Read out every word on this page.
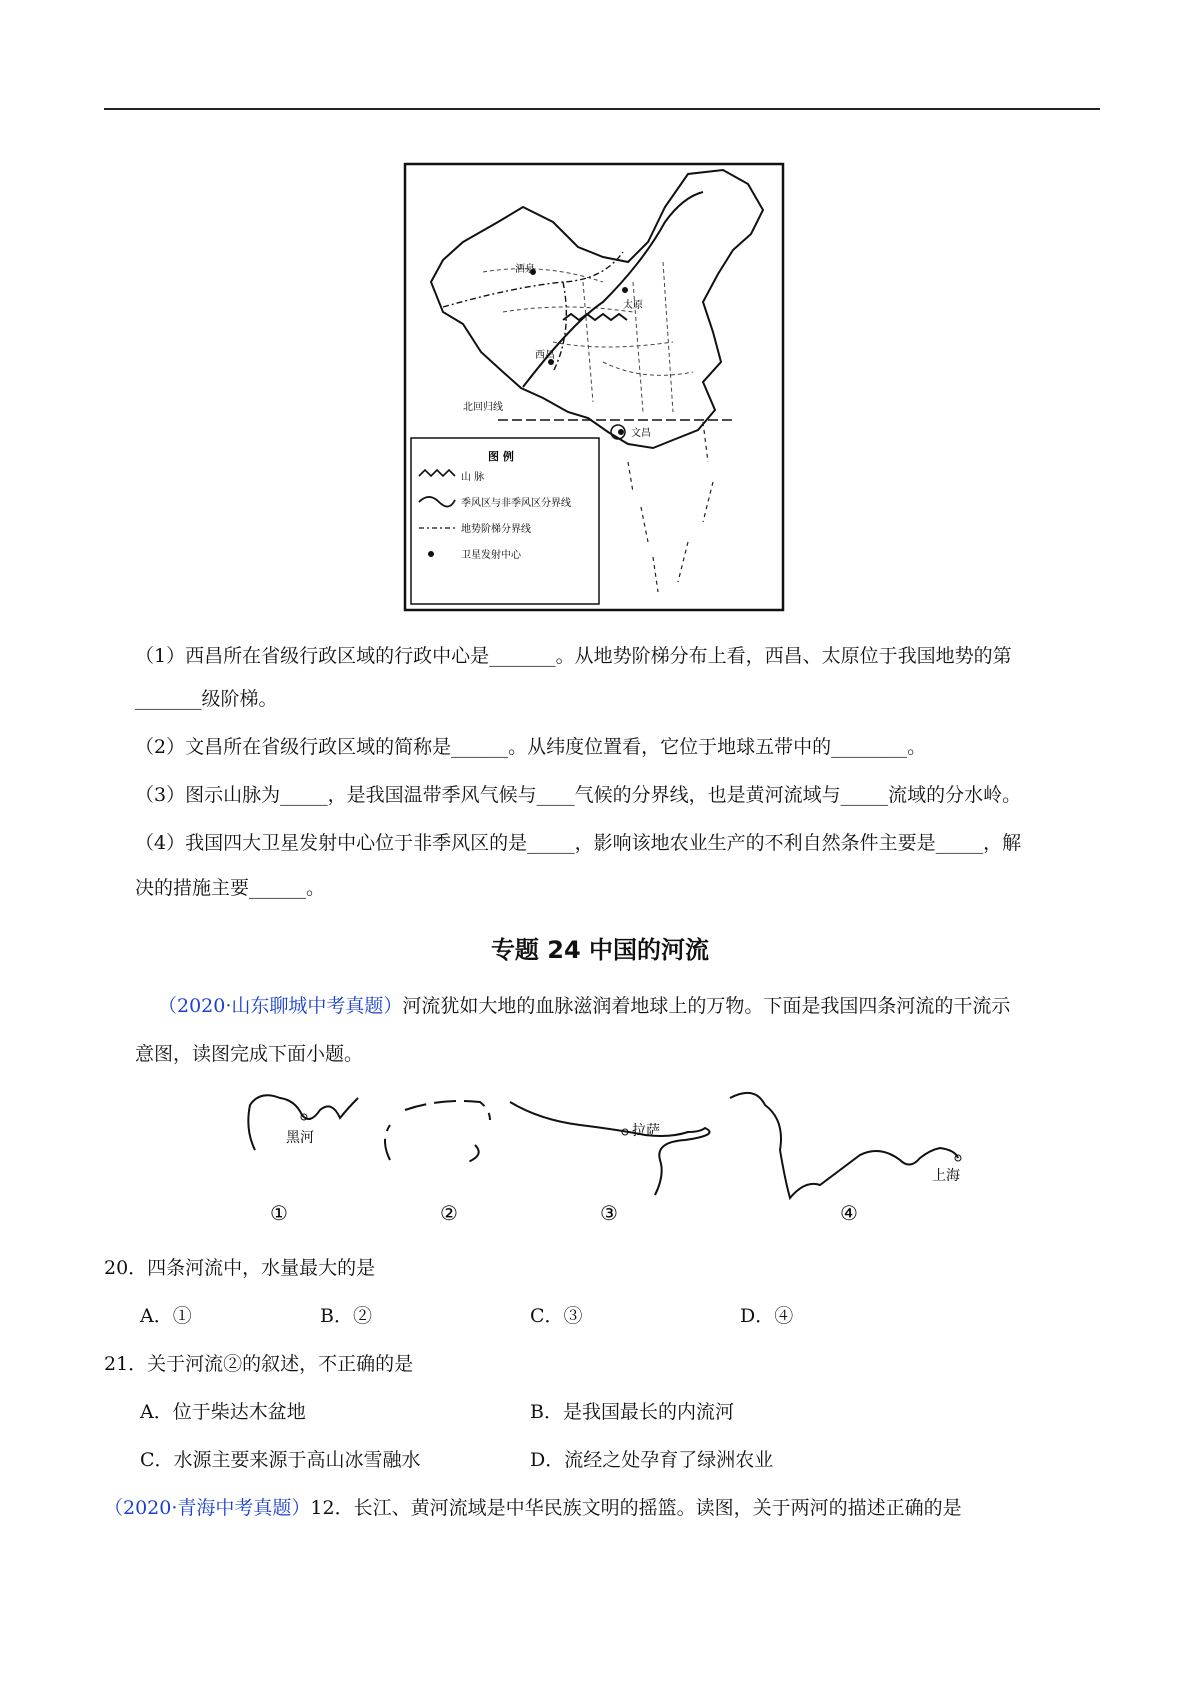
酒泉
太原
西昌
文昌
北回归线
图 例
山 脉
季风区与非季风区分界线
地势阶梯分界线
卫星发射中心
（1）西昌所在省级行政区域的行政中心是_______。从地势阶梯分布上看，西昌、太原位于我国地势的第
_______级阶梯。
（2）文昌所在省级行政区域的简称是______。从纬度位置看，它位于地球五带中的________。
（3）图示山脉为_____，是我国温带季风气候与____气候的分界线，也是黄河流域与_____流域的分水岭。
（4）我国四大卫星发射中心位于非季风区的是_____，影响该地农业生产的不利自然条件主要是_____，解
决的措施主要______。
专题 24 中国的河流
（2020·山东聊城中考真题）河流犹如大地的血脉滋润着地球上的万物。下面是我国四条河流的干流示
意图，读图完成下面小题。
黑河	拉萨
上海
①	②	③	④
20．四条河流中，水量最大的是
A．①	B．②	C．③	D．④
21．关于河流②的叙述，不正确的是
A．位于柴达木盆地	B．是我国最长的内流河
C．水源主要来源于高山冰雪融水	D．流经之处孕育了绿洲农业
（2020·青海中考真题）12．长江、黄河流域是中华民族文明的摇篮。读图，关于两河的描述正确的是
